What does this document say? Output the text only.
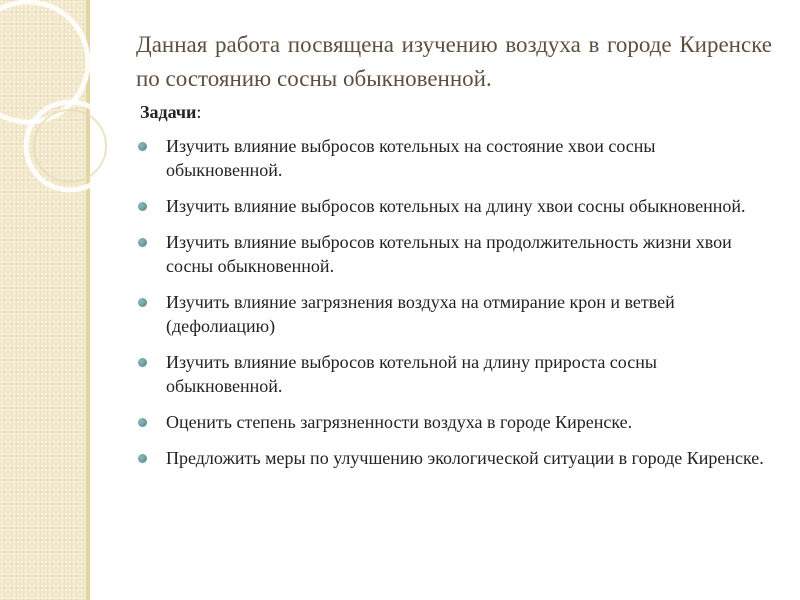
Данная работа посвящена изучению воздуха в городе Киренске по состоянию сосны обыкновенной.
Задачи:
Изучить влияние выбросов котельных на состояние хвои сосны обыкновенной.
Изучить влияние выбросов котельных на длину хвои сосны обыкновенной.
Изучить влияние выбросов котельных на продолжительность жизни хвои сосны обыкновенной.
Изучить влияние загрязнения воздуха на отмирание крон и ветвей (дефолиацию)
Изучить влияние выбросов котельной на длину прироста сосны обыкновенной.
Оценить степень загрязненности воздуха в городе Киренске.
Предложить меры по улучшению экологической ситуации в городе Киренске.
